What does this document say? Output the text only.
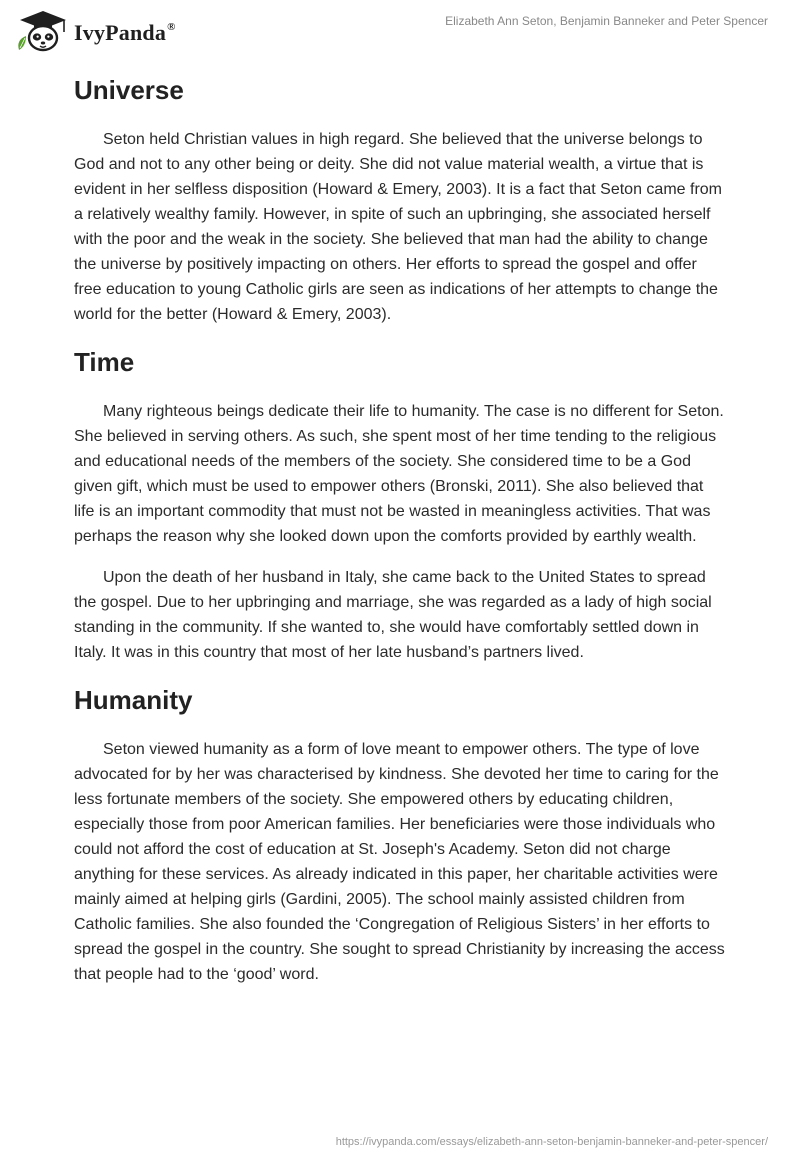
IvyPanda®	Elizabeth Ann Seton, Benjamin Banneker and Peter Spencer
Universe

Seton held Christian values in high regard. She believed that the universe belongs to God and not to any other being or deity. She did not value material wealth, a virtue that is evident in her selfless disposition (Howard & Emery, 2003). It is a fact that Seton came from a relatively wealthy family. However, in spite of such an upbringing, she associated herself with the poor and the weak in the society. She believed that man had the ability to change the universe by positively impacting on others. Her efforts to spread the gospel and offer free education to young Catholic girls are seen as indications of her attempts to change the world for the better (Howard & Emery, 2003).

Time

Many righteous beings dedicate their life to humanity. The case is no different for Seton. She believed in serving others. As such, she spent most of her time tending to the religious and educational needs of the members of the society. She considered time to be a God given gift, which must be used to empower others (Bronski, 2011). She also believed that life is an important commodity that must not be wasted in meaningless activities. That was perhaps the reason why she looked down upon the comforts provided by earthly wealth.

Upon the death of her husband in Italy, she came back to the United States to spread the gospel. Due to her upbringing and marriage, she was regarded as a lady of high social standing in the community. If she wanted to, she would have comfortably settled down in Italy. It was in this country that most of her late husband’s partners lived.

Humanity

Seton viewed humanity as a form of love meant to empower others. The type of love advocated for by her was characterised by kindness. She devoted her time to caring for the less fortunate members of the society. She empowered others by educating children, especially those from poor American families. Her beneficiaries were those individuals who could not afford the cost of education at St. Joseph's Academy. Seton did not charge anything for these services. As already indicated in this paper, her charitable activities were mainly aimed at helping girls (Gardini, 2005). The school mainly assisted children from Catholic families. She also founded the ‘Congregation of Religious Sisters’ in her efforts to spread the gospel in the country. She sought to spread Christianity by increasing the access that people had to the ‘good’ word.

https://ivypanda.com/essays/elizabeth-ann-seton-benjamin-banneker-and-peter-spencer/
